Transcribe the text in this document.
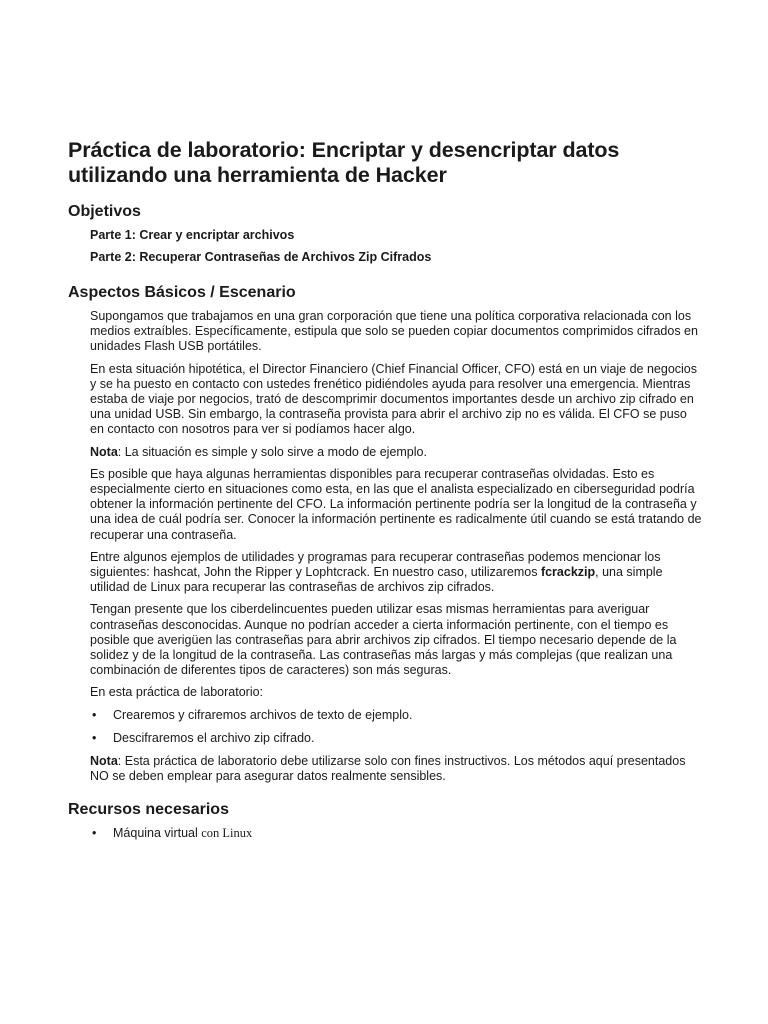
Práctica de laboratorio: Encriptar y desencriptar datos utilizando una herramienta de Hacker
Objetivos
Parte 1: Crear y encriptar archivos
Parte 2: Recuperar Contraseñas de Archivos Zip Cifrados
Aspectos Básicos / Escenario

Supongamos que trabajamos en una gran corporación que tiene una política corporativa relacionada con los medios extraíbles. Específicamente, estipula que solo se pueden copiar documentos comprimidos cifrados en unidades Flash USB portátiles.

En esta situación hipotética, el Director Financiero (Chief Financial Officer, CFO) está en un viaje de negocios y se ha puesto en contacto con ustedes frenético pidiéndoles ayuda para resolver una emergencia. Mientras estaba de viaje por negocios, trató de descomprimir documentos importantes desde un archivo zip cifrado en una unidad USB. Sin embargo, la contraseña provista para abrir el archivo zip no es válida. El CFO se puso en contacto con nosotros para ver si podíamos hacer algo.

Nota: La situación es simple y solo sirve a modo de ejemplo.

Es posible que haya algunas herramientas disponibles para recuperar contraseñas olvidadas. Esto es especialmente cierto en situaciones como esta, en las que el analista especializado en ciberseguridad podría obtener la información pertinente del CFO. La información pertinente podría ser la longitud de la contraseña y una idea de cuál podría ser. Conocer la información pertinente es radicalmente útil cuando se está tratando de recuperar una contraseña.

Entre algunos ejemplos de utilidades y programas para recuperar contraseñas podemos mencionar los siguientes: hashcat, John the Ripper y Lophtcrack. En nuestro caso, utilizaremos fcrackzip, una simple utilidad de Linux para recuperar las contraseñas de archivos zip cifrados.

Tengan presente que los ciberdelincuentes pueden utilizar esas mismas herramientas para averiguar contraseñas desconocidas. Aunque no podrían acceder a cierta información pertinente, con el tiempo es posible que averigüen las contraseñas para abrir archivos zip cifrados. El tiempo necesario depende de la solidez y de la longitud de la contraseña. Las contraseñas más largas y más complejas (que realizan una combinación de diferentes tipos de caracteres) son más seguras.

En esta práctica de laboratorio:

• Crearemos y cifraremos archivos de texto de ejemplo.
• Descifraremos el archivo zip cifrado.

Nota: Esta práctica de laboratorio debe utilizarse solo con fines instructivos. Los métodos aquí presentados NO se deben emplear para asegurar datos realmente sensibles.

Recursos necesarios
• Máquina virtual con Linux
